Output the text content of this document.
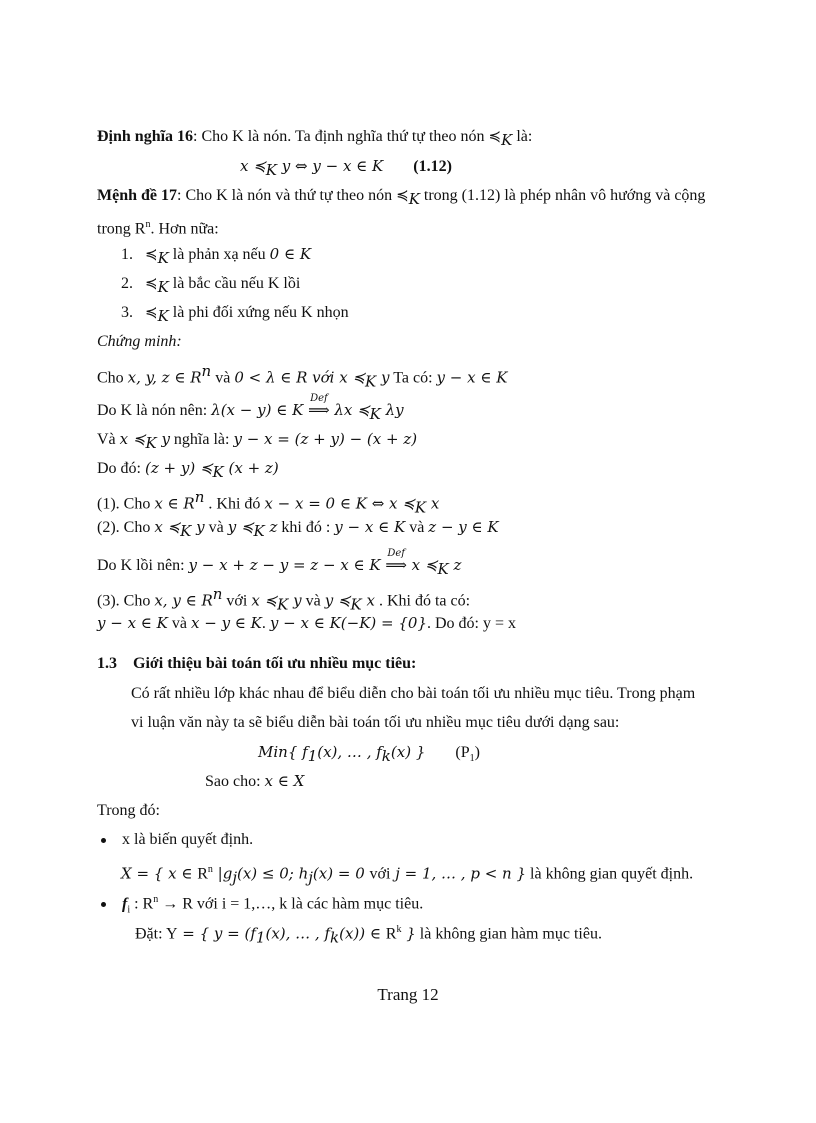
Định nghĩa 16: Cho K là nón. Ta định nghĩa thứ tự theo nón $≼_K$ là:
x $≼_K$ y ⇔ y − x ∈ K (1.12)
Mệnh đề 17: Cho K là nón và thứ tự theo nón $≼_K$ trong (1.12) là phép nhân vô hướng và cộng
trong $R^n$. Hơn nữa:
1. $≼_K$ là phản xạ nếu 0 ∈ K
2. $≼_K$ là bắc cầu nếu K lồi
3. $≼_K$ là phi đối xứng nếu K nhọn
Chứng minh:
Cho x, y, z ∈ $R^n$ và 0 < λ ∈ R với x $≼_K$ y Ta có: y − x ∈ K
Do K là nón nên: λ(x − y) ∈ K
Def
⟹ λx $≼_K$ λy
Và x $≼_K$ y nghĩa là: y − x = (z + y) − (x + z)
Do đó: (z + y) $≼_K$ (x + z)
(1). Cho x ∈ $R^n$ . Khi đó x − x = 0 ∈ K ⇔ x $≼_K$ x
(2). Cho x $≼_K$ y và y $≼_K$ z khi đó : y − x ∈ K và z − y ∈ K
Do K lồi nên: y − x + z − y = z − x ∈ K
Def
⟹ x $≼_K$ z
(3). Cho x, y ∈ $R^n$ với x $≼_K$ y và y $≼_K$ x . Khi đó ta có:
y − x ∈ K và x − y ∈ K. y − x ∈ K(−K) = {0}. Do đó: y = x
1.3 Giới thiệu bài toán tối ưu nhiều mục tiêu:
Có rất nhiều lớp khác nhau để biểu diễn cho bài toán tối ưu nhiều mục tiêu. Trong phạm
vi luận văn này ta sẽ biểu diễn bài toán tối ưu nhiều mục tiêu dưới dạng sau:
Min{ $f_1(x)$, … , $f_k(x)$ } $(P_1)$
Sao cho: x ∈ X
Trong đó:
x là biến quyết định.
X = { x ∈ $R^n$ $|g_j(x) \le 0$; $h_j(x) = 0$ với j = 1, … , p < n } là không gian quyết định.
$f_i$ : $R^n \to R$ với i = 1,…, k là các hàm mục tiêu.
Đặt: Y = { $y = (f_1(x)$, … , $f_k(x)$) ∈ $R^k$ } là không gian hàm mục tiêu.
Trang 12
